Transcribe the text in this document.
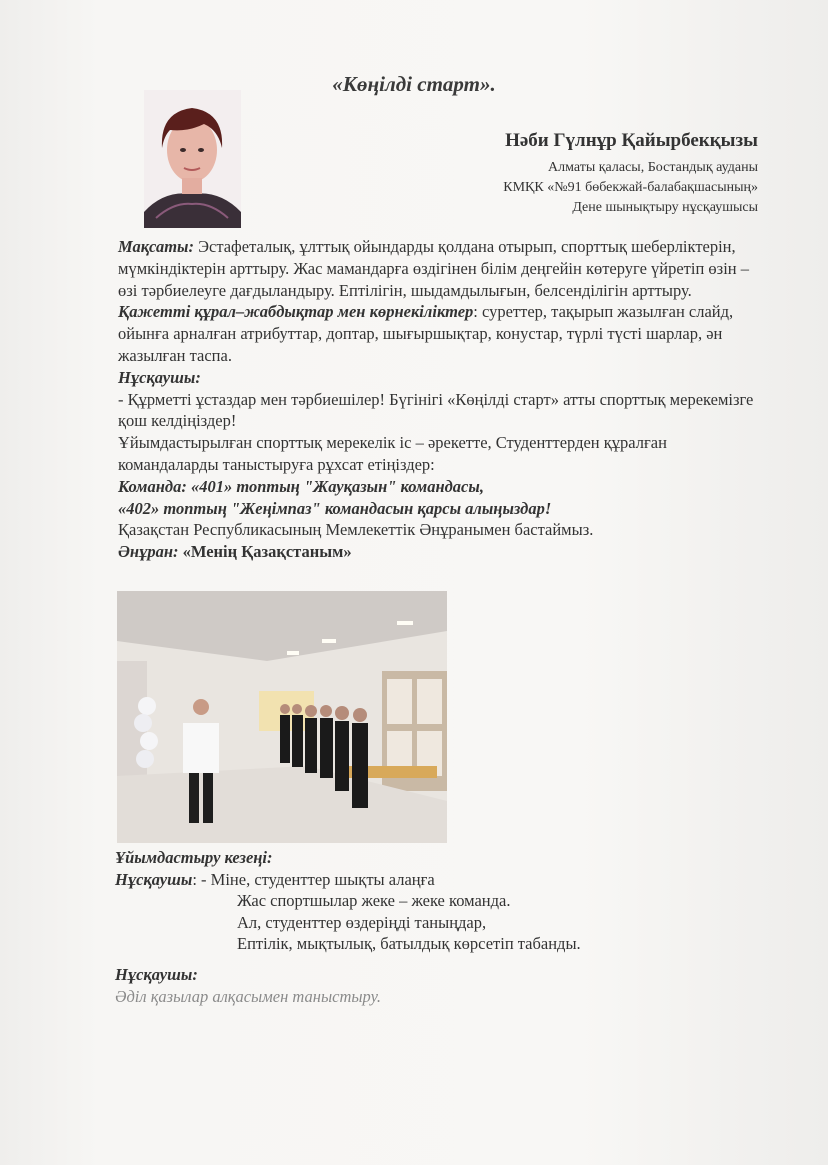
«Көңілді старт».
Нәби Гүлнұр Қайырбекқызы
Алматы қаласы, Бостандық ауданы
КМҚК «№91 бөбекжай-балабақшасының»
Дене шынықтыру нұсқаушысы

Мақсаты: Эстафеталық, ұлттық ойындарды қолдана отырып, спорттық шеберліктерін, мүмкіндіктерін арттыру. Жас мамандарға өздігінен білім деңгейін көтеруге үйретіп өзін – өзі тәрбиелеуге дағдыландыру. Ептілігін, шыдамдылығын, белсенділігін арттыру.

Қажетті құрал–жабдықтар мен көрнекіліктер: суреттер, тақырып жазылған слайд, ойынға арналған атрибуттар, доптар, шығыршықтар, конустар, түрлі түсті шарлар, ән жазылған таспа.

Нұсқаушы:

- Құрметті ұстаздар мен тәрбиешілер! Бүгінігі «Көңілді старт» атты спорттық мерекемізге қош келдіңіздер!

Ұйымдастырылған спорттық мерекелік іс – әрекетте, Студенттерден құралған командаларды таныстыруға рұхсат етіңіздер:

Команда: «401» топтың "Жауқазын" командасы,

«402» топтың "Жеңімпаз" командасын қарсы алыңыздар!

Қазақстан Республикасының Мемлекеттік Әнұранымен бастаймыз.

Әнұран: «Менің Қазақстаным»

Ұйымдастыру кезеңі:

Нұсқаушы: - Міне, студенттер шықты алаңға

Жас спортшылар жеке – жеке команда.

Ал, студенттер өздеріңді таныңдар,

Ептілік, мықтылық, батылдық көрсетіп табанды.

Нұсқаушы:

Әділ қазылар алқасымен таныстыру.
